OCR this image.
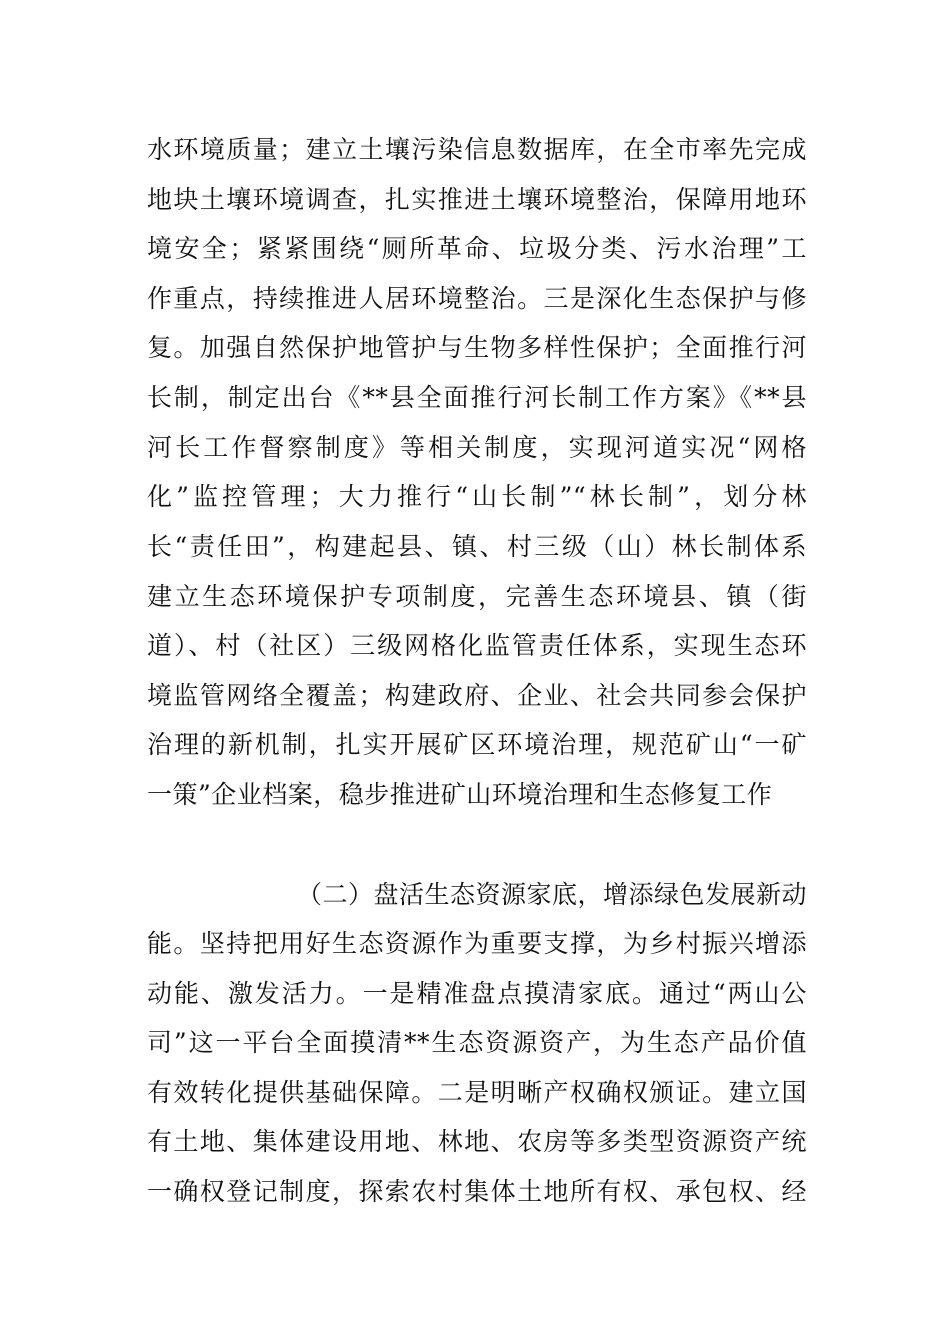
水环境质量；建立土壤污染信息数据库，在全市率先完成
地块土壤环境调查，扎实推进土壤环境整治，保障用地环
境安全；紧紧围绕“厕所革命、垃圾分类、污水治理”工
作重点，持续推进人居环境整治。三是深化生态保护与修
复。加强自然保护地管护与生物多样性保护；全面推行河
长制，制定出台《**县全面推行河长制工作方案》《**县
河长工作督察制度》等相关制度，实现河道实况“网格
化”监控管理；大力推行“山长制”“林长制”，划分林
长“责任田”，构建起县、镇、村三级（山）林长制体系
建立生态环境保护专项制度，完善生态环境县、镇（街
道）、村（社区）三级网格化监管责任体系，实现生态环
境监管网络全覆盖；构建政府、企业、社会共同参会保护
治理的新机制，扎实开展矿区环境治理，规范矿山“一矿
一策”企业档案，稳步推进矿山环境治理和生态修复工作
（二）盘活生态资源家底，增添绿色发展新动
能。坚持把用好生态资源作为重要支撑，为乡村振兴增添
动能、激发活力。一是精准盘点摸清家底。通过“两山公
司”这一平台全面摸清**生态资源资产，为生态产品价值
有效转化提供基础保障。二是明晰产权确权颁证。建立国
有土地、集体建设用地、林地、农房等多类型资源资产统
一确权登记制度，探索农村集体土地所有权、承包权、经
